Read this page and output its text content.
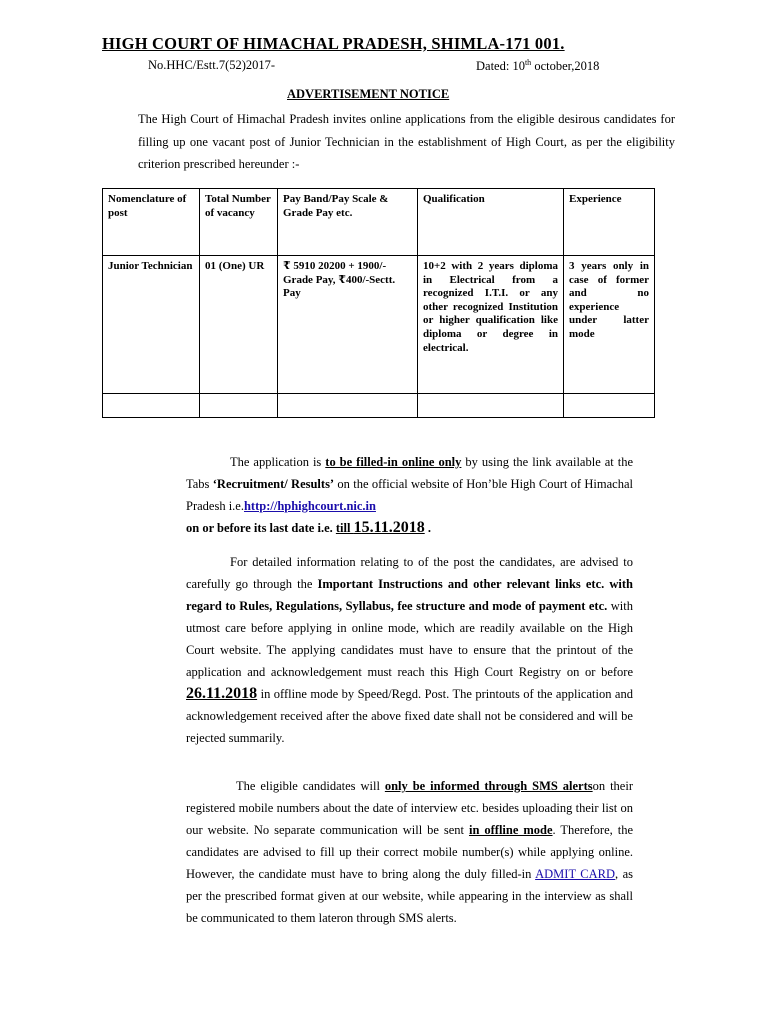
HIGH COURT OF HIMACHAL PRADESH, SHIMLA-171 001.
No.HHC/Estt.7(52)2017-	Dated: 10th october,2018
ADVERTISEMENT NOTICE
The High Court of Himachal Pradesh invites online applications from the eligible desirous candidates for filling up one vacant post of Junior Technician in the establishment of High Court, as per the eligibility criterion prescribed hereunder :-
Nomenclature of post	Total Number of vacancy	Pay Band/Pay Scale & Grade Pay etc.	Qualification	Experience
Junior Technician	01 (One) UR	₹ 5910 20200 + 1900/- Grade Pay, ₹400/-Sectt. Pay	10+2 with 2 years diploma in Electrical from a recognized I.T.I. or any other recognized Institution or higher qualification like diploma or degree in electrical.	3 years only in case of former and no experience under latter mode

The application is to be filled-in online only by using the link available at the Tabs ‘Recruitment/ Results’ on the official website of Hon’ble High Court of Himachal Pradesh i.e.http://hphighcourt.nic.in
on or before its last date i.e. till 15.11.2018 .
For detailed information relating to of the post the candidates, are advised to carefully go through the Important Instructions and other relevant links etc. with regard to Rules, Regulations, Syllabus, fee structure and mode of payment etc. with utmost care before applying in online mode, which are readily available on the High Court website. The applying candidates must have to ensure that the printout of the application and acknowledgement must reach this High Court Registry on or before 26.11.2018 in offline mode by Speed/Regd. Post. The printouts of the application and acknowledgement received after the above fixed date shall not be considered and will be rejected summarily.
The eligible candidates will only be informed through SMS alertson their registered mobile numbers about the date of interview etc. besides uploading their list on our website. No separate communication will be sent in offline mode. Therefore, the candidates are advised to fill up their correct mobile number(s) while applying online. However, the candidate must have to bring along the duly filled-in ADMIT CARD, as per the prescribed format given at our website, while appearing in the interview as shall be communicated to them lateron through SMS alerts.
